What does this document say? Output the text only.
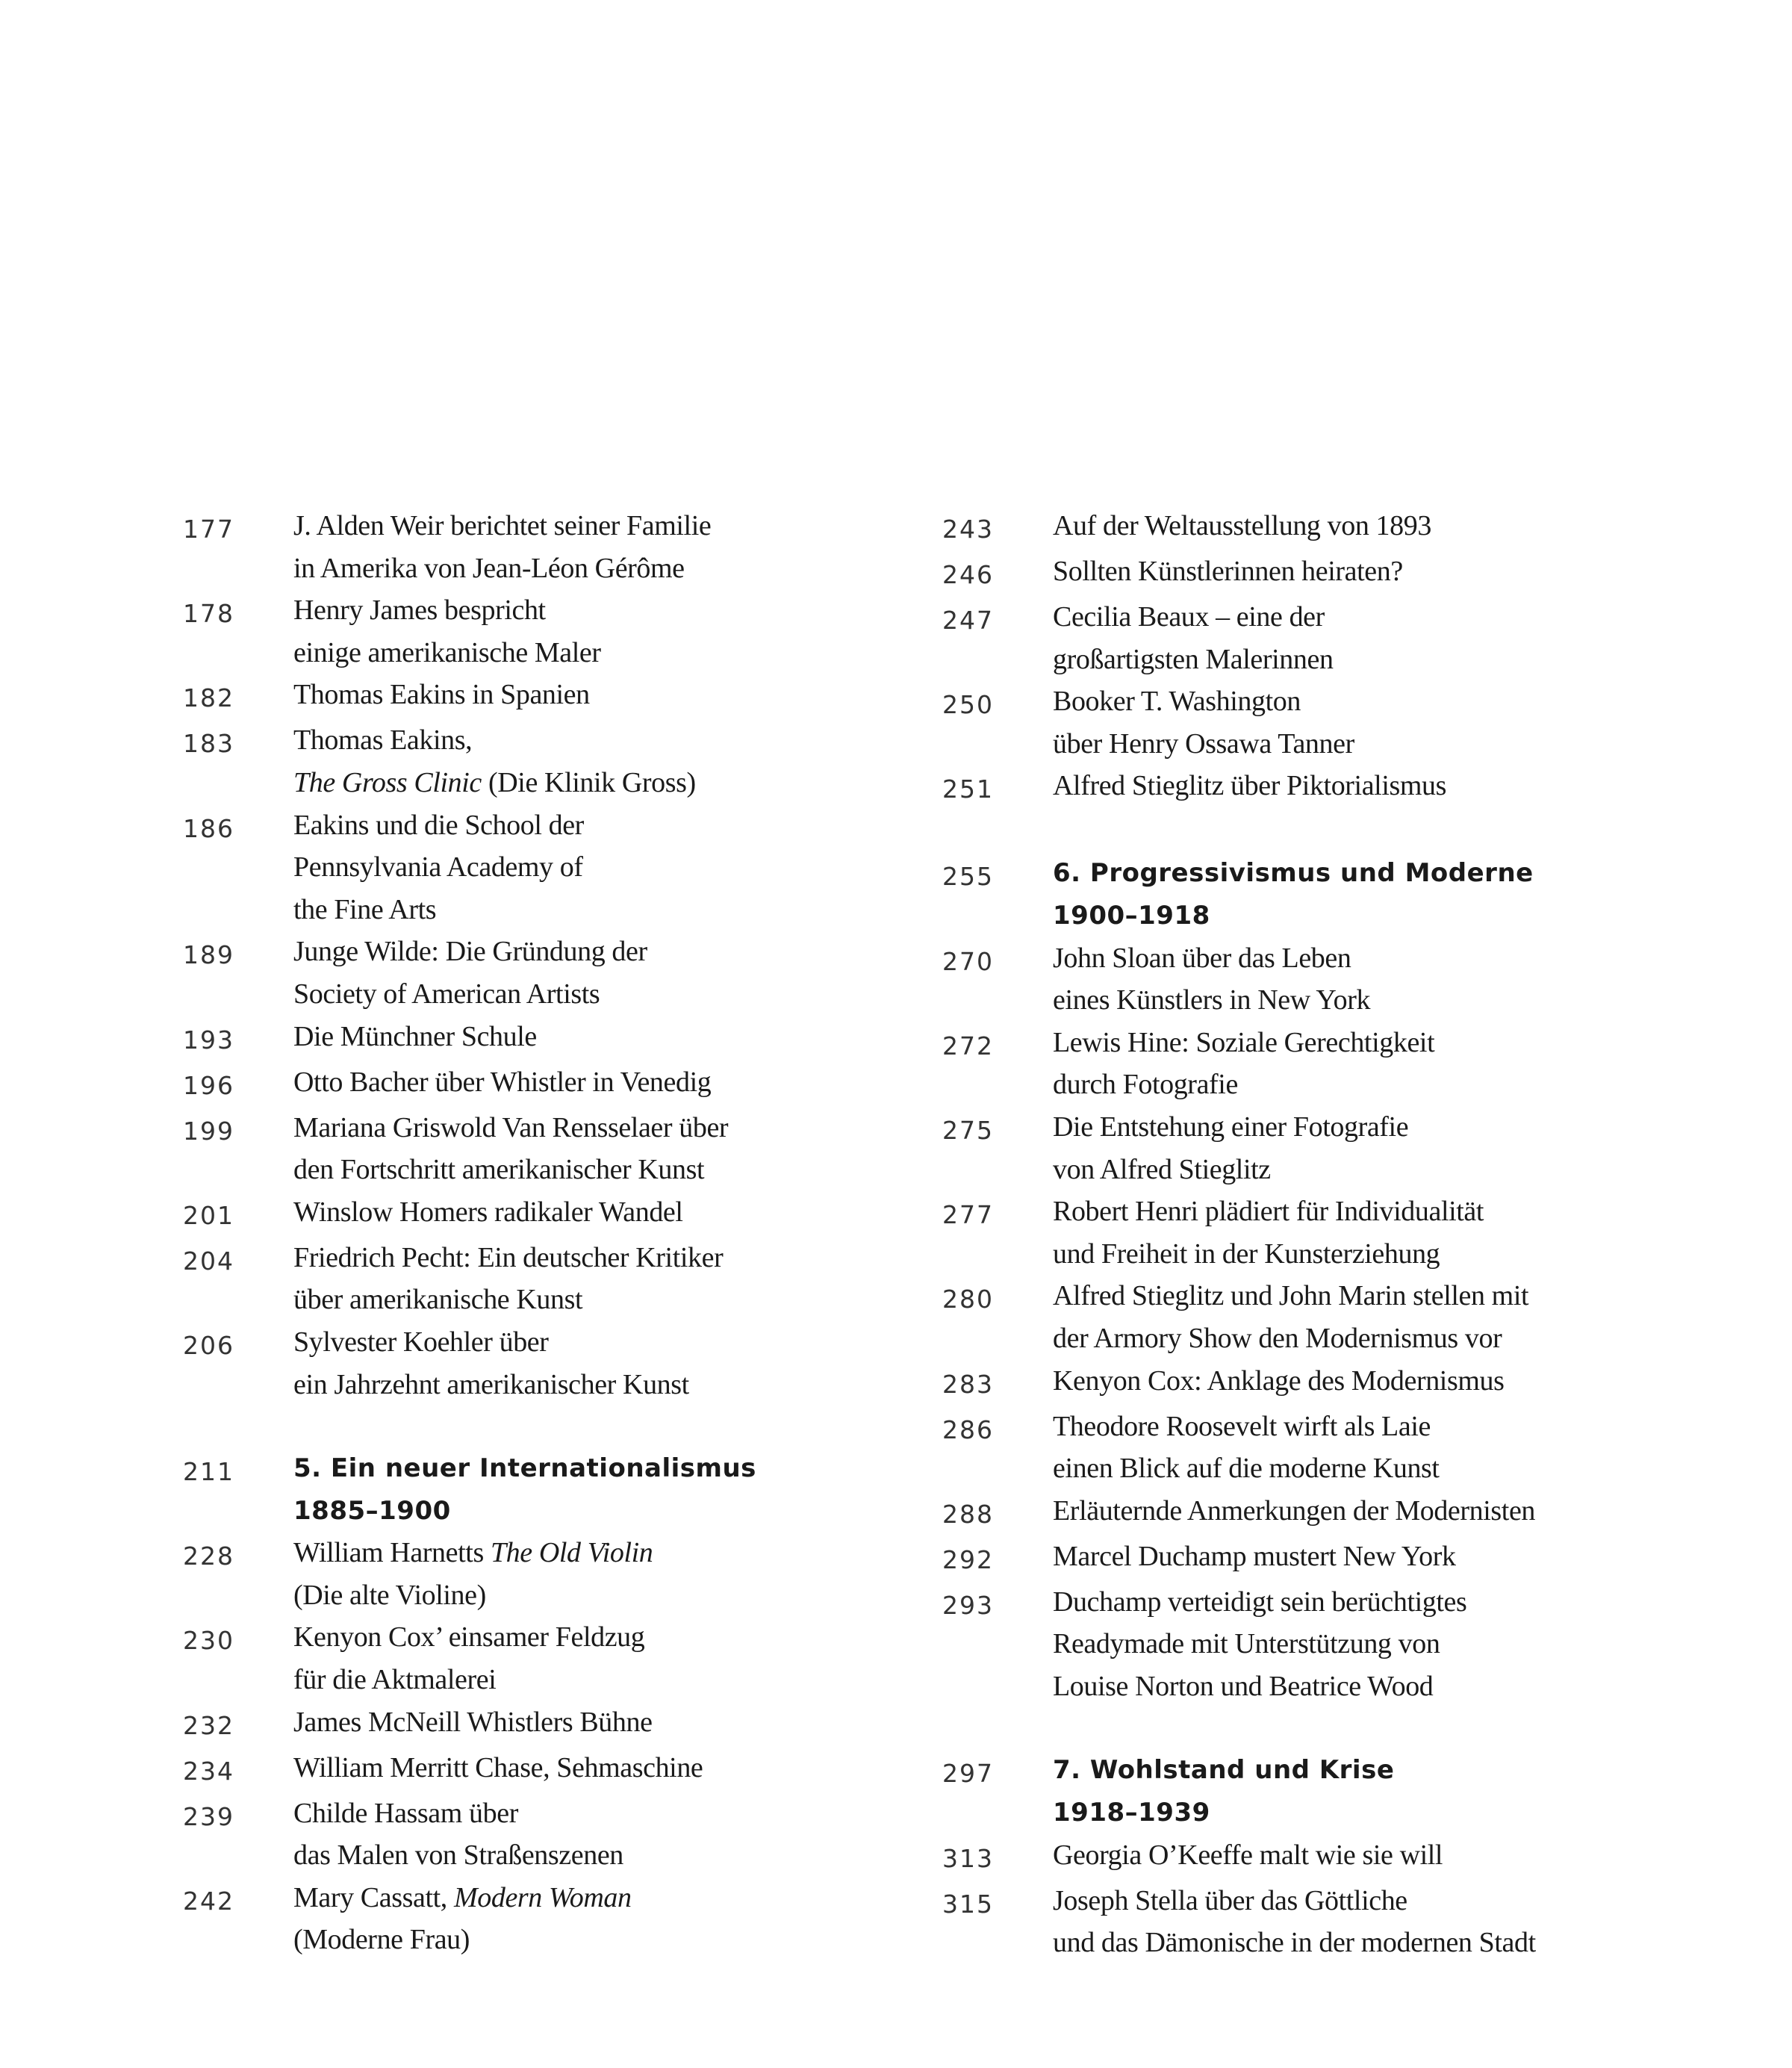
177	J. Alden Weir berichtet seiner Familie
in Amerika von Jean-Léon Gérôme
178	Henry James bespricht
einige amerikanische Maler
182	Thomas Eakins in Spanien
183	Thomas Eakins,
The Gross Clinic (Die Klinik Gross)
186	Eakins und die School der
Pennsylvania Academy of
the Fine Arts
189	Junge Wilde: Die Gründung der
Society of American Artists
193	Die Münchner Schule
196	Otto Bacher über Whistler in Venedig
199	Mariana Griswold Van Rensselaer über
den Fortschritt amerikanischer Kunst
201	Winslow Homers radikaler Wandel
204	Friedrich Pecht: Ein deutscher Kritiker
über amerikanische Kunst
206	Sylvester Koehler über
ein Jahrzehnt amerikanischer Kunst
211	5. Ein neuer Internationalismus
1885–1900
228	William Harnetts The Old Violin
(Die alte Violine)
230	Kenyon Cox’ einsamer Feldzug
für die Aktmalerei
232	James McNeill Whistlers Bühne
234	William Merritt Chase, Sehmaschine
239	Childe Hassam über
das Malen von Straßenszenen
242	Mary Cassatt, Modern Woman
(Moderne Frau)
243	Auf der Weltausstellung von 1893
246	Sollten Künstlerinnen heiraten?
247	Cecilia Beaux – eine der
großartigsten Malerinnen
250	Booker T. Washington
über Henry Ossawa Tanner
251	Alfred Stieglitz über Piktorialismus
255	6. Progressivismus und Moderne
1900–1918
270	John Sloan über das Leben
eines Künstlers in New York
272	Lewis Hine: Soziale Gerechtigkeit
durch Fotografie
275	Die Entstehung einer Fotografie
von Alfred Stieglitz
277	Robert Henri plädiert für Individualität
und Freiheit in der Kunsterziehung
280	Alfred Stieglitz und John Marin stellen mit
der Armory Show den Modernismus vor
283	Kenyon Cox: Anklage des Modernismus
286	Theodore Roosevelt wirft als Laie
einen Blick auf die moderne Kunst
288	Erläuternde Anmerkungen der Modernisten
292	Marcel Duchamp mustert New York
293	Duchamp verteidigt sein berüchtigtes
Readymade mit Unterstützung von
Louise Norton und Beatrice Wood
297	7. Wohlstand und Krise
1918–1939
313	Georgia O’Keeffe malt wie sie will
315	Joseph Stella über das Göttliche
und das Dämonische in der modernen Stadt
